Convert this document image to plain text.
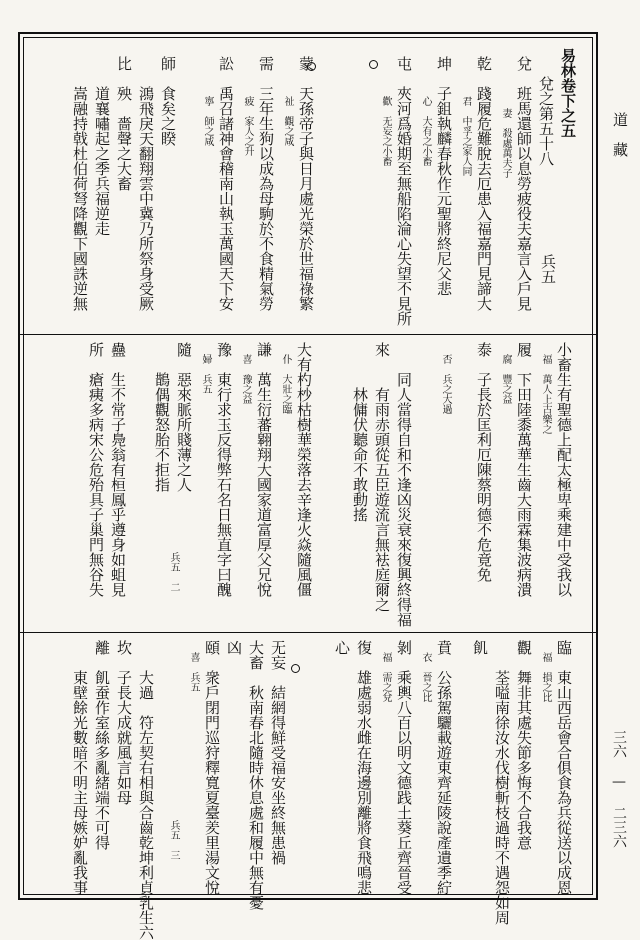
道　藏
三六 — 二三六
易林卷下之五
兌之第五十八
兌　班馬還師以息勞疲役夫嘉言入戶見
妻　殺處萬夫子
乾　踐履危難脫去厄患入福嘉門見諦大
君　中孚之家人同
坤　子鉏執麟春秋作元聖將終尼父悲
心　大有之小畜
屯　夾河爲婚期至無船陷淪心失望不見所
歡　无妄之小畜
蒙　天孫帝子與日月處光榮於世福祿繁
祉　觀之咸
需　三年生狗以成為母駒於不食精氣勞
疲　家人之升
訟　禹召諸神會稽南山執玉萬國天下安
寧　師之咸
師　食矣之睽
　　鴻飛戾天翻翔雲中冀乃所祭身受厥
比　殃　嗇聲之大畜
　　道襄嘯起之季兵福逆走
　　嵩融持戟杜伯荷弩降觀下國誅逆無	兵五
小畜生有聖德上配太極卑乘建中受我以
福　萬人上古樂之
履　下田陸黍萬華生齒大雨霖集波病潰
腐　豐之益
泰　子長於匡利厄陳蔡明德不危竟免
否　兵之大過
　　同人當得自和不逢凶災衰來復興終得福
來　　有雨赤頭從五臣遊流言無袪庭爾之
　　　林傭伏聽命不敢動搖
大有杓杪枯樹華榮落去辛逢火焱隨風僵
仆　大壯之臨
謙　萬生衍蕃翱翔大國家道富厚父兄悅
喜　豫之益
豫　東行求玉反得弊石名日無直字曰醜
婦　兵五
隨　惡來脈所賤薄之人
　　鵲偶觀怒胎不拒指
蠱　生不常子鳧翁有桓鳳乎遵身如蛆見
所　瘡痍多病宋公危殆具子巢門無谷失	兵五　二
臨　東山西岳會合俱食為兵從送以成恩
福　損之比
觀　舞非其處失節多悔不合我意
　　荃嗌南徐汝水伐樹斬枝過時不遇怨如周
飢　
賁　公孫駕驪載遊東齊延陵說產遺季紵
衣　晉之比
剝　乘輿八百以明文德践土葵丘齊晉受
福　需之兌
復　雄處弱水雌在海邊別離將食飛鳴悲
心
无妄　結網得鮮受福安坐終無患禍
大畜　秋南春北隨時休息處和履中無有憂
凶
頤　衆戶閉門巡狩釋寬夏臺羑里湯文悅
喜　兵五
　　大過　符左契右相與合齒乾坤利貞乳生六
坎　子長大成就風言如母
離　飢蚕作室絲多亂緒端不可得
　　東壁餘光數暗不明主母嫉妒亂我事	兵五　三
